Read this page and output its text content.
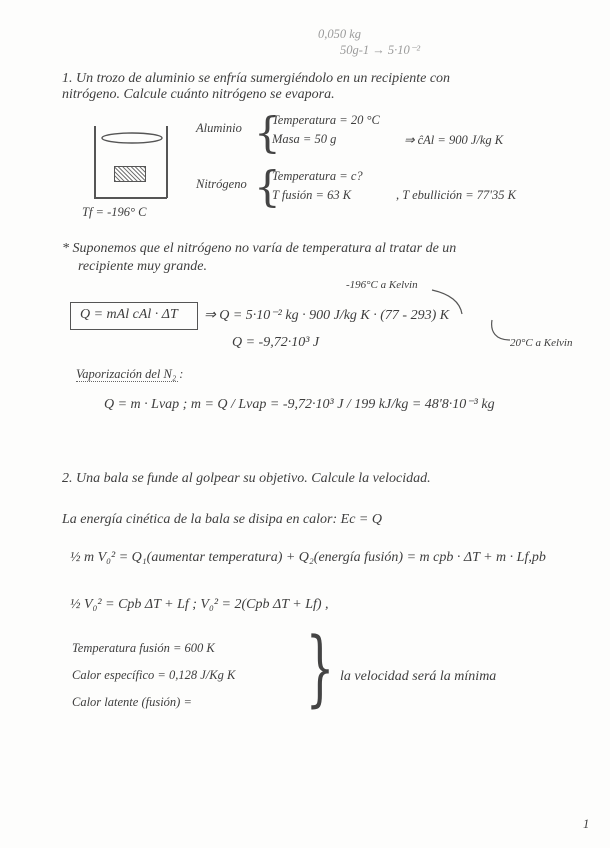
0,050 kg
50g-1 → 5·10⁻²
1. Un trozo de aluminio se enfría sumergiéndolo en un recipiente con
nitrógeno. Calcule cuánto nitrógeno se evapora.
Tf = -196° C
Aluminio {
Temperatura = 20 °C
Masa = 50 g	⇒ ĉAl = 900 J/kg K
Nitrógeno {
Temperatura = c?
T fusión = 63 K	, T ebullición = 77'35 K
* Suponemos que el nitrógeno no varía de temperatura al tratar de un
recipiente muy grande.
-196°C a Kelvin
20°C a Kelvin
Q = mAl cAl · ΔT ⇒ Q = 5·10⁻² kg · 900 J/kg K · (77 - 293) K
Q = -9,72·10³ J
Vaporización del N₂ :
Q = m · Lvap ; m = Q / Lvap = -9,72·10³ J / 199 kJ/kg = 48'8·10⁻³ kg
2. Una bala se funde al golpear su objetivo. Calcule la velocidad.
La energía cinética de la bala se disipa en calor: Ec = Q
½ m V₀² = Q₁(aumentar temperatura) + Q₂(energía fusión) = m cpb · ΔT + m · Lf,pb
½ V₀² = Cpb ΔT + Lf ; V₀² = 2(Cpb ΔT + Lf) ,
Temperatura fusión = 600 K
Calor específico = 0,128 J/Kg K
Calor latente (fusión) = { la velocidad será la mínima
1
